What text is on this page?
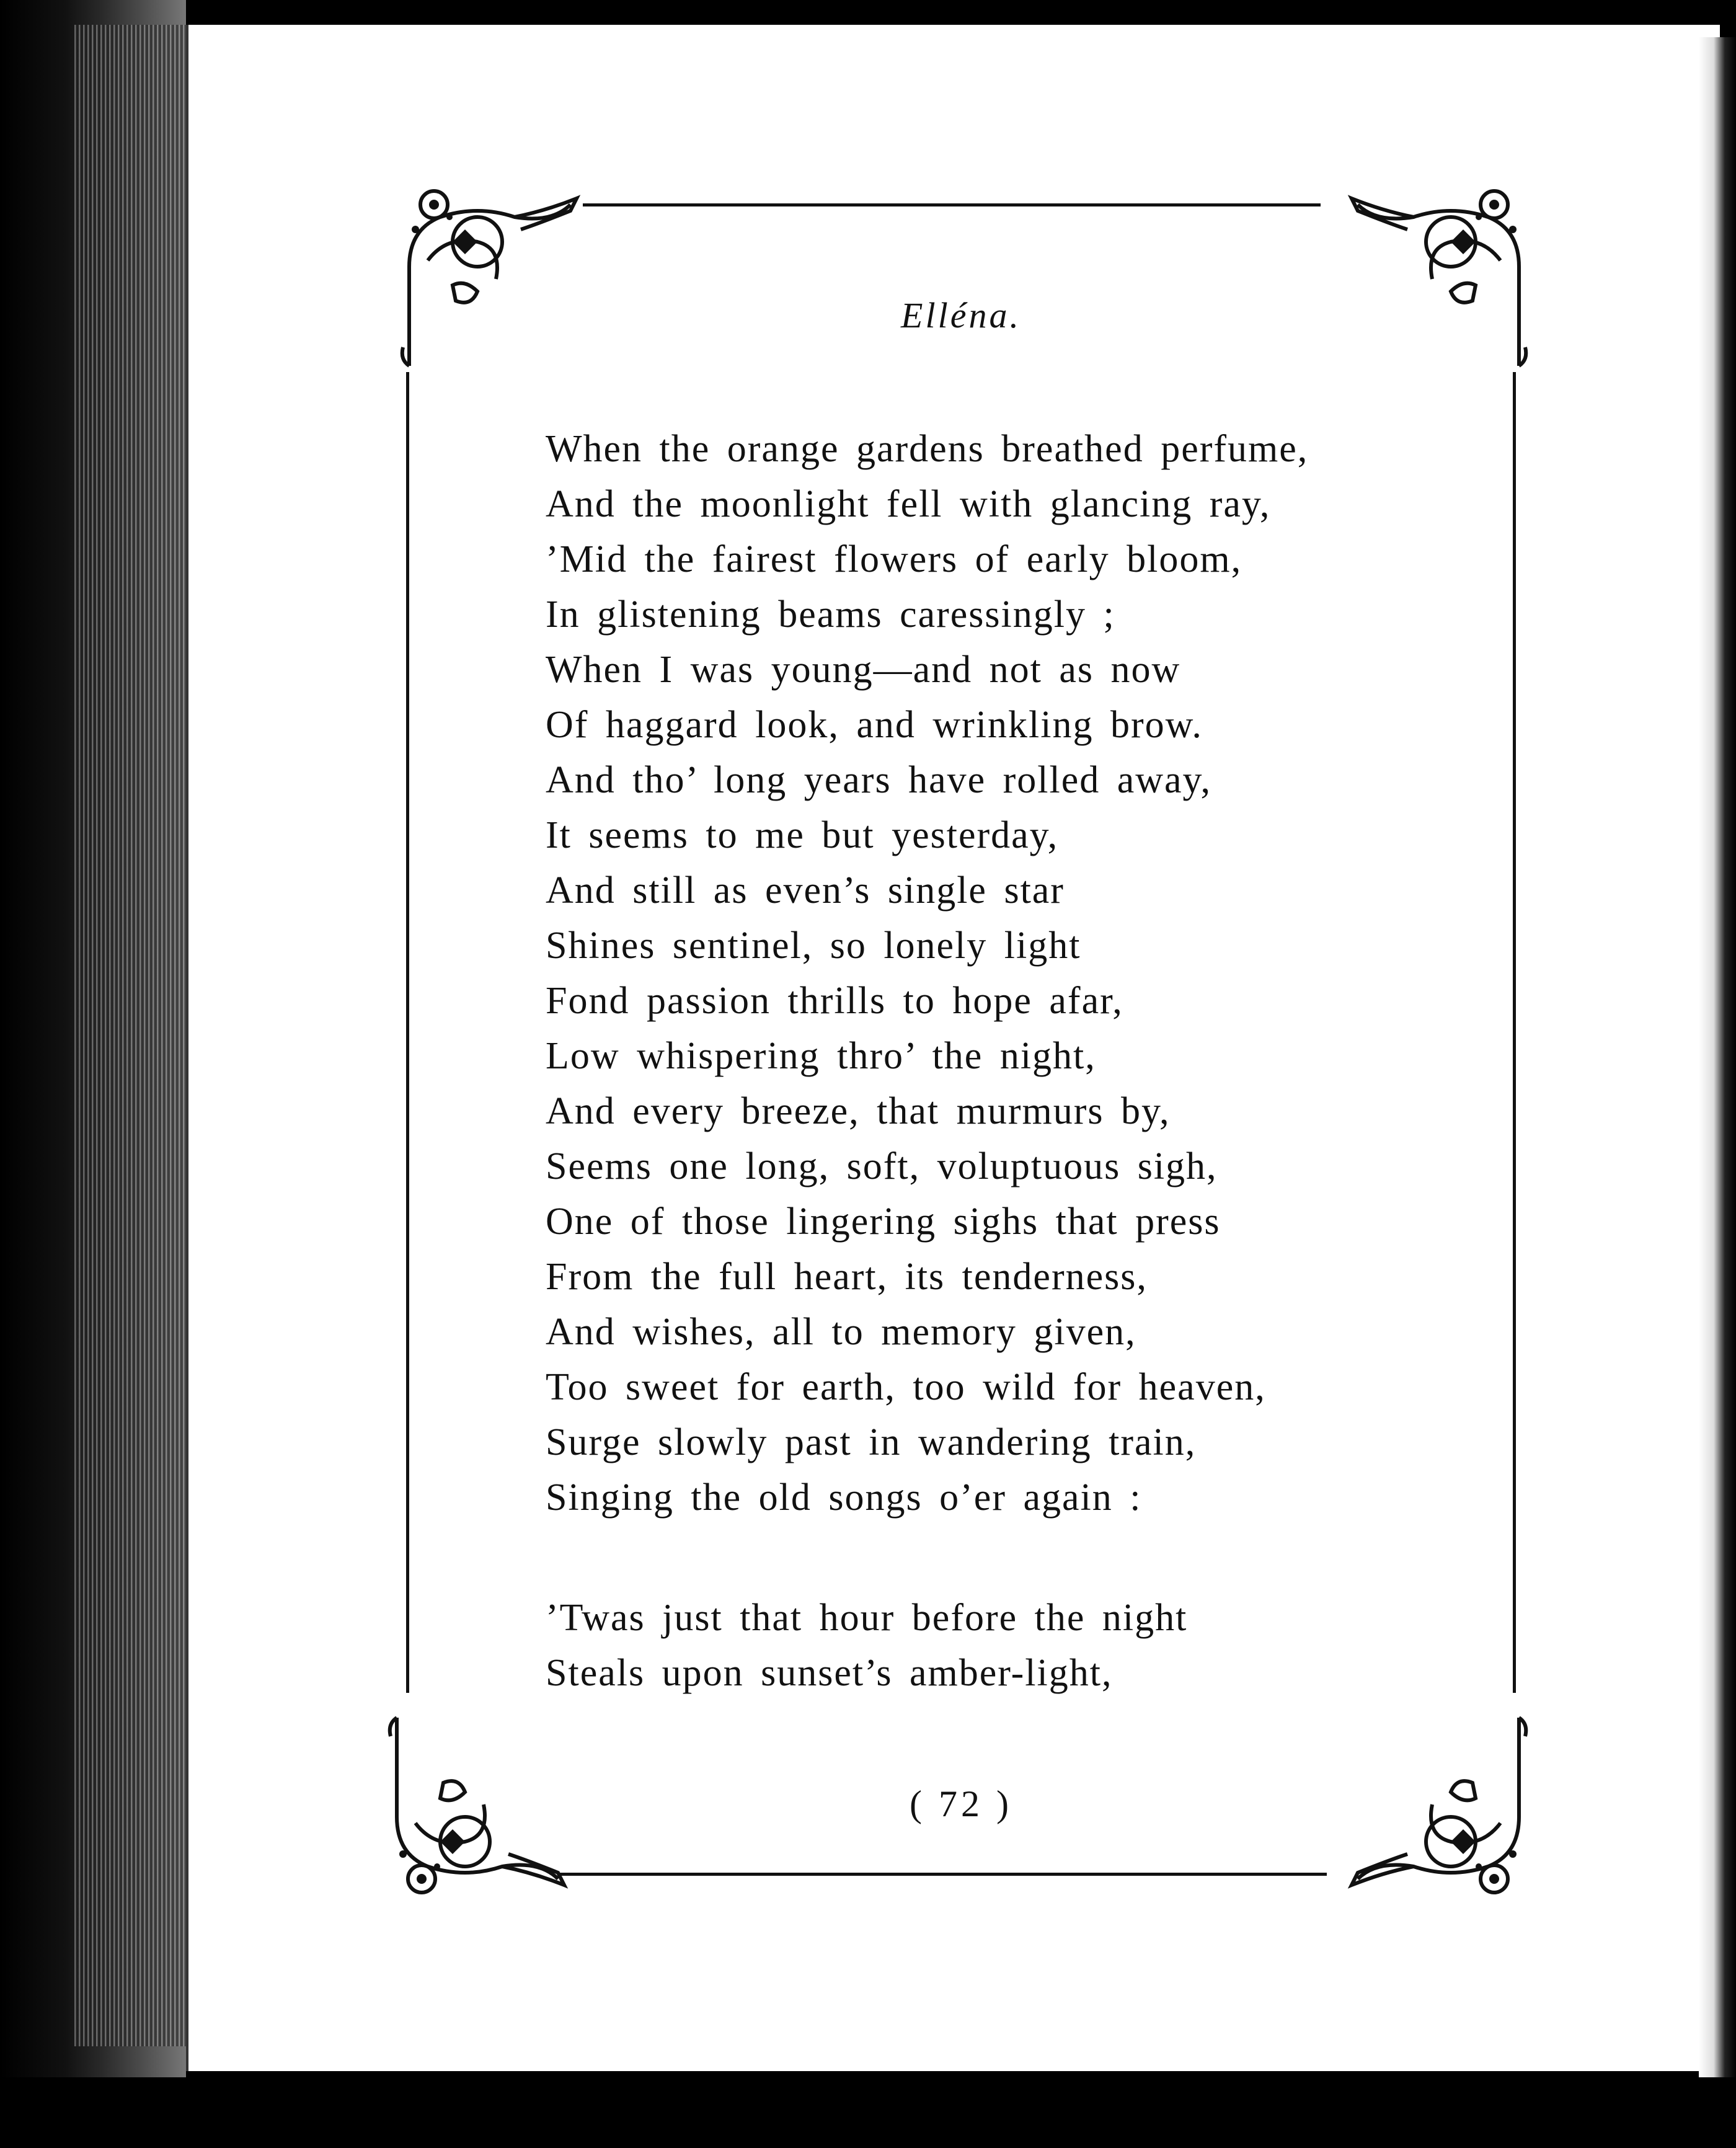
Elléna.
When the orange gardens breathed perfume,
And the moonlight fell with glancing ray,
’Mid the fairest flowers of early bloom,
In glistening beams caressingly ;
When I was young—and not as now
Of haggard look, and wrinkling brow.
And tho’ long years have rolled away,
It seems to me but yesterday,
And still as even’s single star
Shines sentinel, so lonely light
Fond passion thrills to hope afar,
Low whispering thro’ the night,
And every breeze, that murmurs by,
Seems one long, soft, voluptuous sigh,
One of those lingering sighs that press
From the full heart, its tenderness,
And wishes, all to memory given,
Too sweet for earth, too wild for heaven,
Surge slowly past in wandering train,
Singing the old songs o’er again :
’Twas just that hour before the night
Steals upon sunset’s amber-light,
( 72 )
